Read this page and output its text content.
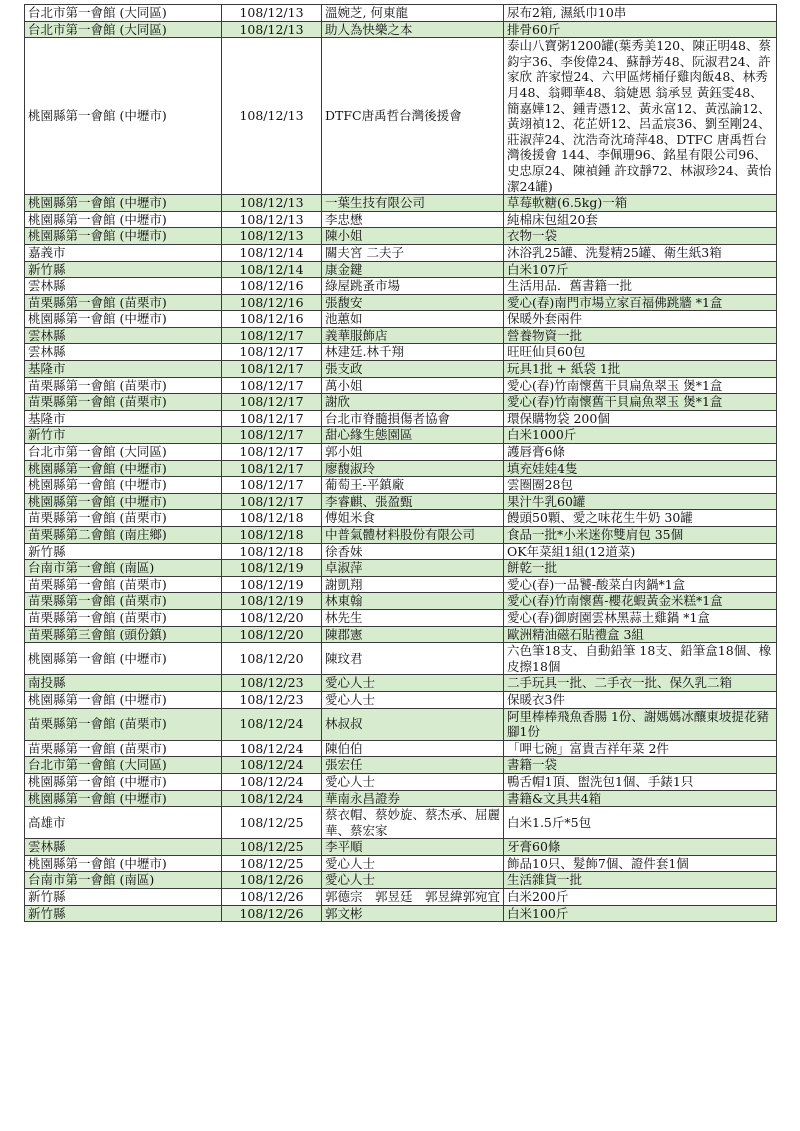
台北市第一會館 (大同區)	108/12/13	溫婉芝, 何東龍	尿布2箱, 濕紙巾10串
台北市第一會館 (大同區)	108/12/13	助人為快樂之本	排骨60斤
桃園縣第一會館 (中壢市)	108/12/13	DTFC唐禹哲台灣後援會	泰山八寶粥1200罐(葉秀美120、陳正明48、蔡鈞宇36、李俊偉24、蘇靜芳48、阮淑君24、許家欣 許家愷24、六甲區烤桶仔雞肉飯48、林秀月48、翁卿華48、翁婕恩 翁承昱 黃鈺雯48、簡嘉嬅12、鍾青憑12、黃永富12、黃泓論12、黃翊禎12、花芷妍12、呂孟宸36、劉至剛24、莊淑萍24、沈浩奇沈琦萍48、DTFC 唐禹哲台灣後援會 144、李佩珊96、銘星有限公司96、史忠原24、陳禎鍾 許玟靜72、林淑珍24、黃怡潔24罐)
桃園縣第一會館 (中壢市)	108/12/13	一葉生技有限公司	草莓軟糖(6.5kg)一箱
桃園縣第一會館 (中壢市)	108/12/13	李忠懋	純棉床包組20套
桃園縣第一會館 (中壢市)	108/12/13	陳小姐	衣物一袋
嘉義市	108/12/14	關夫宮 二夫子	沐浴乳25罐、洗髮精25罐、衛生紙3箱
新竹縣	108/12/14	康金鍵	白米107斤
雲林縣	108/12/16	綠屋跳蚤市場	生活用品．舊書籍一批
苗栗縣第一會館 (苗栗市)	108/12/16	張馥安	愛心(春)南門市場立家百福佛跳牆 *1盒
桃園縣第一會館 (中壢市)	108/12/16	池蕙如	保暖外套兩件
雲林縣	108/12/17	義華服飾店	營養物資一批
雲林縣	108/12/17	林建廷.林千翔	旺旺仙貝60包
基隆市	108/12/17	張支政	玩具1批 + 紙袋 1批
苗栗縣第一會館 (苗栗市)	108/12/17	萬小姐	愛心(春)竹南懷舊干貝扁魚翠玉 煲*1盒
苗栗縣第一會館 (苗栗市)	108/12/17	謝欣	愛心(春)竹南懷舊干貝扁魚翠玉 煲*1盒
基隆市	108/12/17	台北市脊髓損傷者協會	環保購物袋 200個
新竹市	108/12/17	甜心緣生態園區	白米1000斤
台北市第一會館 (大同區)	108/12/17	郭小姐	護唇膏6條
桃園縣第一會館 (中壢市)	108/12/17	廖馥淑玲	填充娃娃4隻
桃園縣第一會館 (中壢市)	108/12/17	葡萄王-平鎮廠	雲圈圈28包
桃園縣第一會館 (中壢市)	108/12/17	李睿麒、張盈甄	果汁牛乳60罐
苗栗縣第一會館 (苗栗市)	108/12/18	傅姐米食	饅頭50顆、愛之味花生牛奶 30罐
苗栗縣第二會館 (南庄鄉)	108/12/18	中普氣體材料股份有限公司	食品一批*小米迷你雙肩包 35個
新竹縣	108/12/18	徐香妹	OK年菜組1組(12道菜)
台南市第一會館 (南區)	108/12/19	卓淑萍	餅乾一批
苗栗縣第一會館 (苗栗市)	108/12/19	謝凱翔	愛心(春)一品饕-酸菜白肉鍋*1盒
苗栗縣第一會館 (苗栗市)	108/12/19	林東翰	愛心(春)竹南懷舊-櫻花蝦黃金米糕*1盒
苗栗縣第一會館 (苗栗市)	108/12/20	林先生	愛心(春)御廚園雲林黑蒜土雞鍋 *1盒
苗栗縣第三會館 (頭份鎮)	108/12/20	陳郡憲	歐洲精油磁石貼禮盒 3組
桃園縣第一會館 (中壢市)	108/12/20	陳玟君	六色筆18支、自動鉛筆 18支、鉛筆盒18個、橡皮擦18個
南投縣	108/12/23	愛心人士	二手玩具一批、二手衣一批、保久乳二箱
桃園縣第一會館 (中壢市)	108/12/23	愛心人士	保暖衣3件
苗栗縣第一會館 (苗栗市)	108/12/24	林叔叔	阿里棒棒飛魚香腸 1份、謝媽媽冰釀東坡提花豬腳1份
苗栗縣第一會館 (苗栗市)	108/12/24	陳伯伯	「呷七碗」富貴吉祥年菜 2件
台北市第一會館 (大同區)	108/12/24	張宏任	書籍一袋
桃園縣第一會館 (中壢市)	108/12/24	愛心人士	鴨舌帽1頂、盥洗包1個、手錶1只
桃園縣第一會館 (中壢市)	108/12/24	華南永昌證券	書籍&文具共4箱
高雄市	108/12/25	蔡衣帽、蔡妙旋、蔡杰承、屈麗華、蔡宏家	白米1.5斤*5包
雲林縣	108/12/25	李平順	牙膏60條
桃園縣第一會館 (中壢市)	108/12/25	愛心人士	飾品10只、髮飾7個、證件套1個
台南市第一會館 (南區)	108/12/26	愛心人士	生活雜貨一批
新竹縣	108/12/26	郭德宗　郭昱廷　郭昱緯郭宛宜	白米200斤
新竹縣	108/12/26	郭文彬	白米100斤
